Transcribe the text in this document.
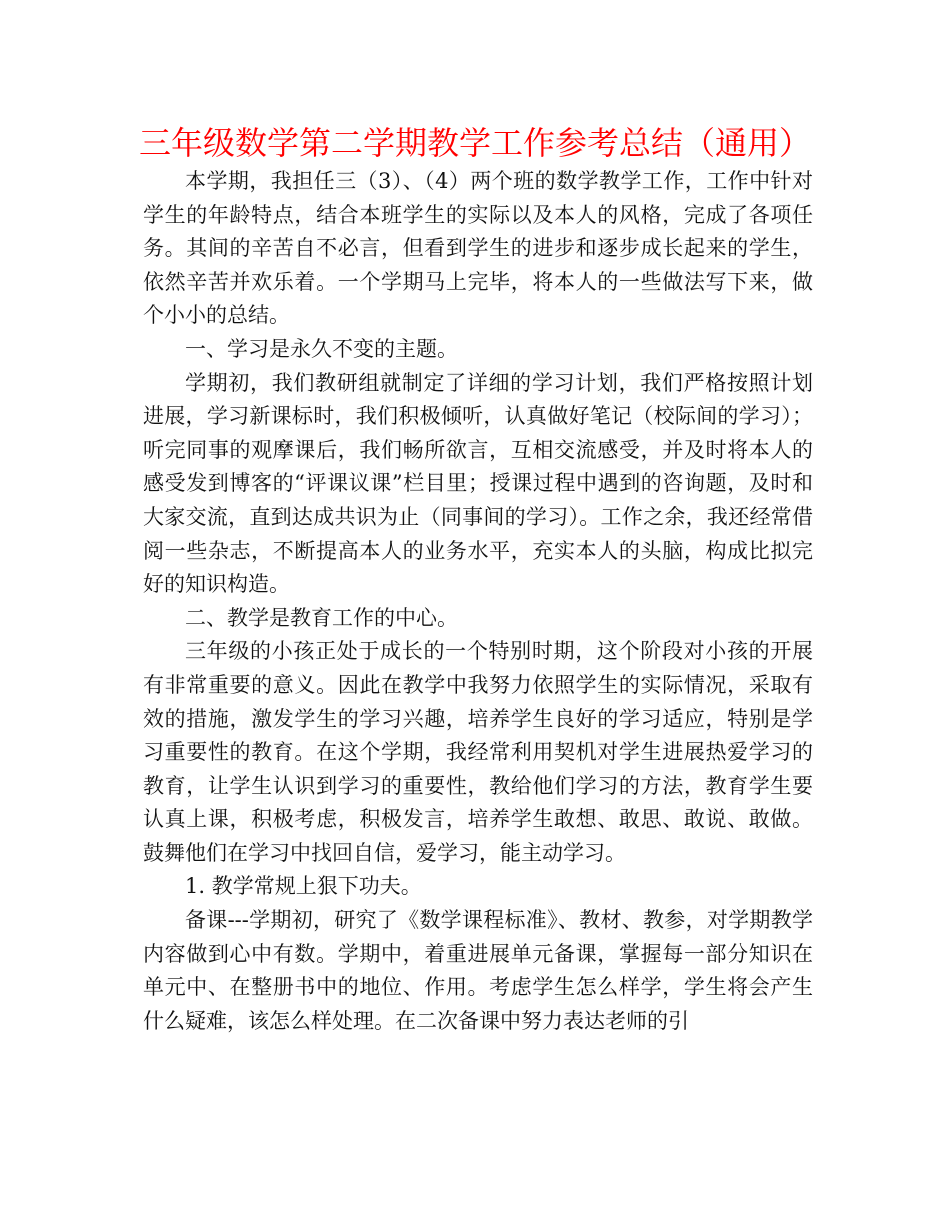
三年级数学第二学期教学工作参考总结（通用）

本学期，我担任三（3）、（4）两个班的数学教学工作，工作中针对学生的年龄特点，结合本班学生的实际以及本人的风格，完成了各项任务。其间的辛苦自不必言，但看到学生的进步和逐步成长起来的学生，依然辛苦并欢乐着。一个学期马上完毕，将本人的一些做法写下来，做个小小的总结。

一、学习是永久不变的主题。

学期初，我们教研组就制定了详细的学习计划，我们严格按照计划进展，学习新课标时，我们积极倾听，认真做好笔记（校际间的学习）；听完同事的观摩课后，我们畅所欲言，互相交流感受，并及时将本人的感受发到博客的“评课议课”栏目里；授课过程中遇到的咨询题，及时和大家交流，直到达成共识为止（同事间的学习）。工作之余，我还经常借阅一些杂志，不断提高本人的业务水平，充实本人的头脑，构成比拟完好的知识构造。

二、教学是教育工作的中心。

三年级的小孩正处于成长的一个特别时期，这个阶段对小孩的开展有非常重要的意义。因此在教学中我努力依照学生的实际情况，采取有效的措施，激发学生的学习兴趣，培养学生良好的学习适应，特别是学习重要性的教育。在这个学期，我经常利用契机对学生进展热爱学习的教育，让学生认识到学习的重要性，教给他们学习的方法，教育学生要认真上课，积极考虑，积极发言，培养学生敢想、敢思、敢说、敢做。鼓舞他们在学习中找回自信，爱学习，能主动学习。

1. 教学常规上狠下功夫。

备课---学期初，研究了《数学课程标准》、教材、教参，对学期教学内容做到心中有数。学期中，着重进展单元备课，掌握每一部分知识在单元中、在整册书中的地位、作用。考虑学生怎么样学，学生将会产生什么疑难，该怎么样处理。在二次备课中努力表达老师的引
